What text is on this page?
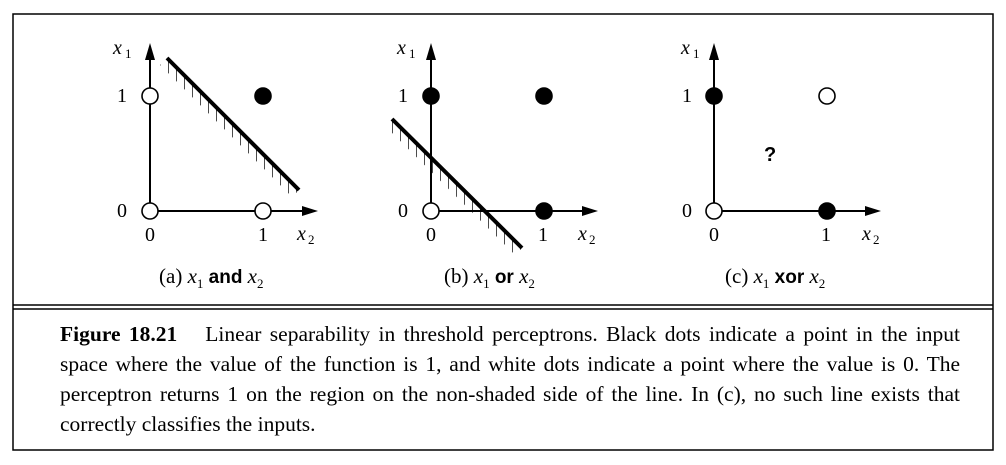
x 1
x 2
1
0
0	1
(a) $x_1$ and $x_2$
x 1
x 2
1
0
0	1
(b) $x_1$ or $x_2$
x 1
x 2
1
0
0	1
?
(c) $x_1$ xor $x_2$
Figure 18.21 Linear separability in threshold perceptrons. Black dots indicate a point in the input space where the value of the function is 1, and white dots indicate a point where the value is 0. The perceptron returns 1 on the region on the non-shaded side of the line. In (c), no such line exists that correctly classifies the inputs.
